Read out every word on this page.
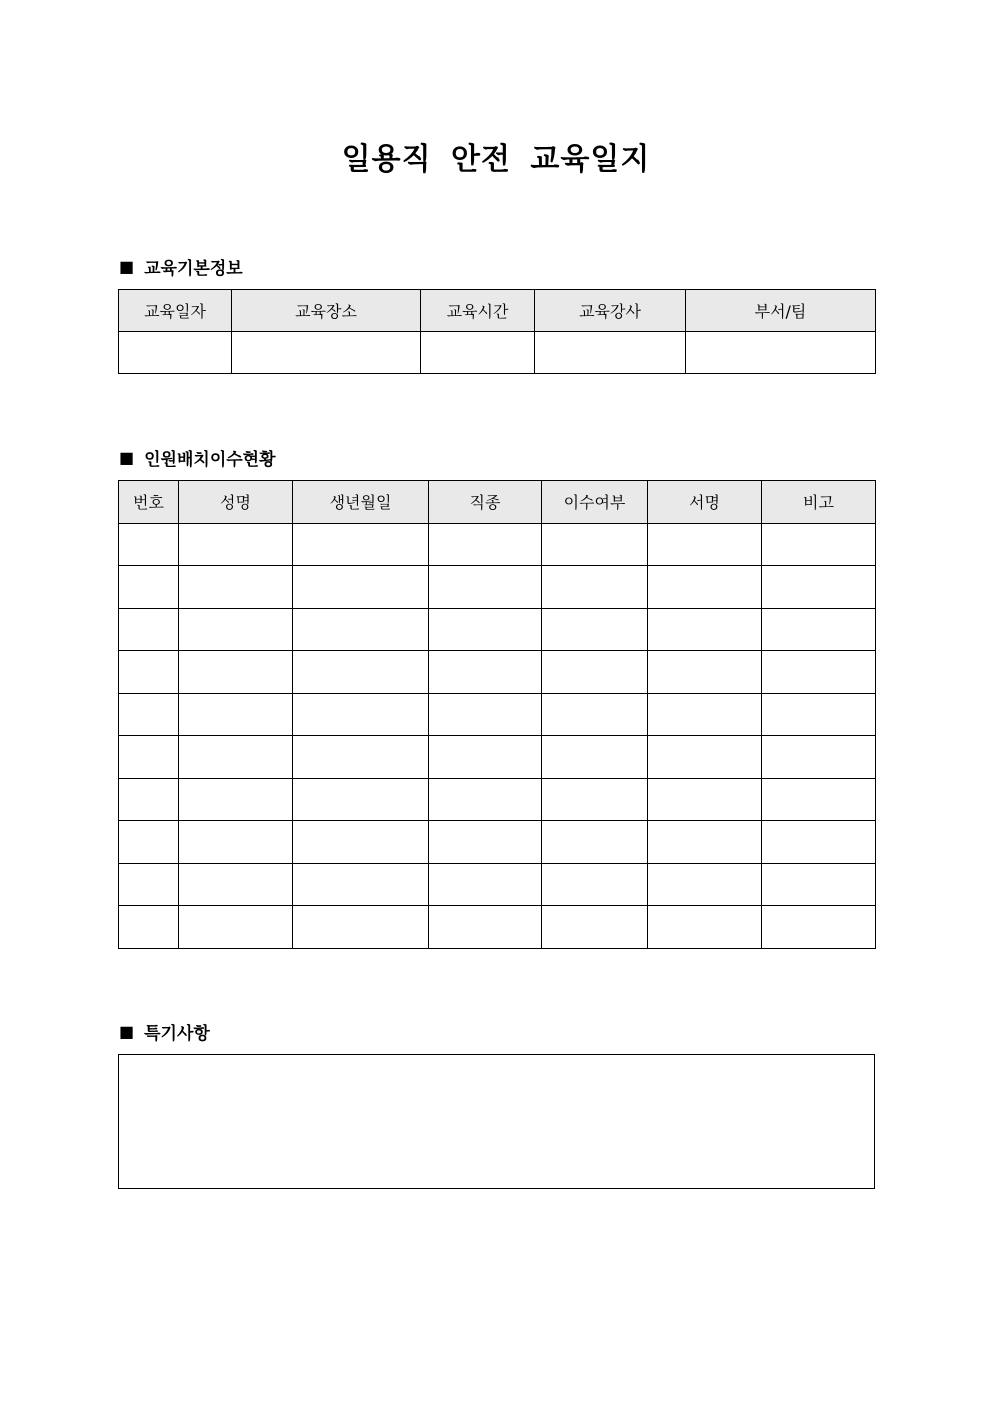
일용직 안전 교육일지
■ 교육기본정보
교육일자	교육장소	교육시간	교육강사	부서/팀

■ 인원배치이수현황
번호	성명	생년월일	직종	이수여부	서명	비고

■ 특기사항
